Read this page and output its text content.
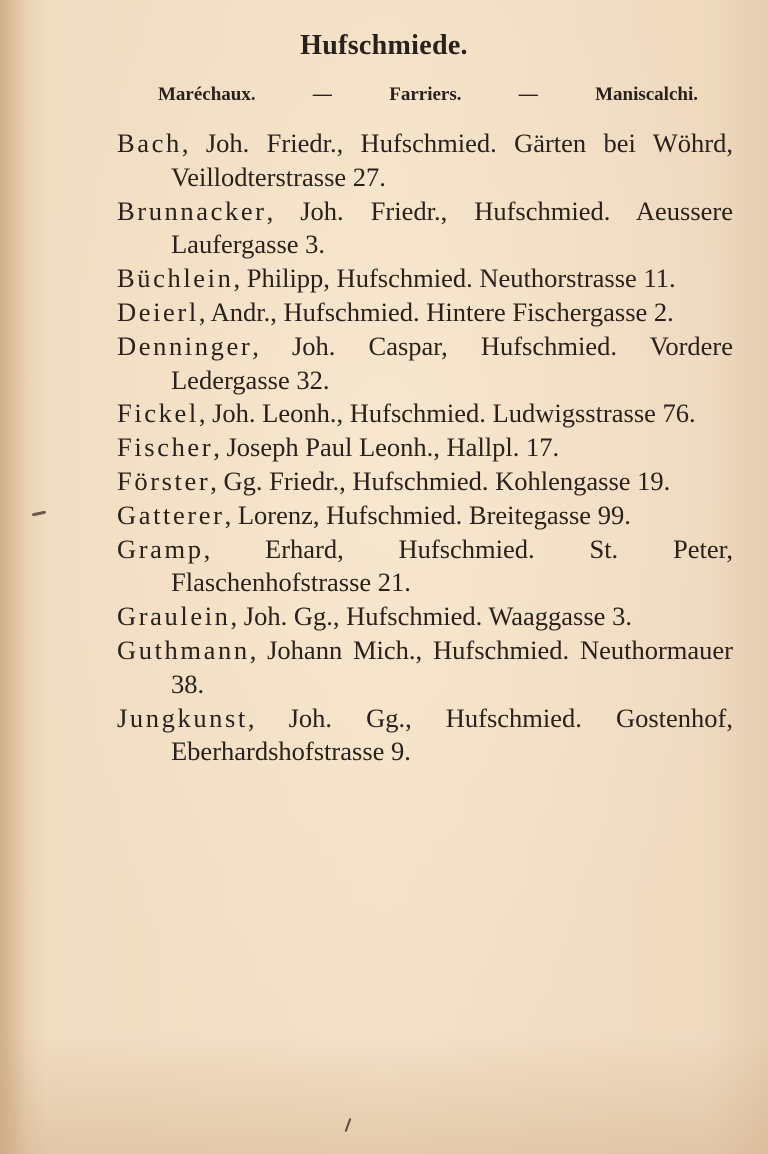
Hufschmiede.
Maréchaux.	—	Farriers.	—	Maniscalchi.

Bach, Joh. Friedr., Hufschmied. Gärten bei Wöhrd, Veillodterstrasse 27.

Brunnacker, Joh. Friedr., Hufschmied. Aeussere Laufergasse 3.

Büchlein, Philipp, Hufschmied. Neuthorstrasse 11.

Deierl, Andr., Hufschmied. Hintere Fischergasse 2.

Denninger, Joh. Caspar, Hufschmied. Vordere Ledergasse 32.

Fickel, Joh. Leonh., Hufschmied. Ludwigsstrasse 76.

Fischer, Joseph Paul Leonh., Hallpl. 17.

Förster, Gg. Friedr., Hufschmied. Kohlengasse 19.

Gatterer, Lorenz, Hufschmied. Breitegasse 99.

Gramp, Erhard, Hufschmied. St. Peter, Flaschenhofstrasse 21.

Graulein, Joh. Gg., Hufschmied. Waaggasse 3.

Guthmann, Johann Mich., Hufschmied. Neuthormauer 38.

Jungkunst, Joh. Gg., Hufschmied. Gostenhof, Eberhardshofstrasse 9.
